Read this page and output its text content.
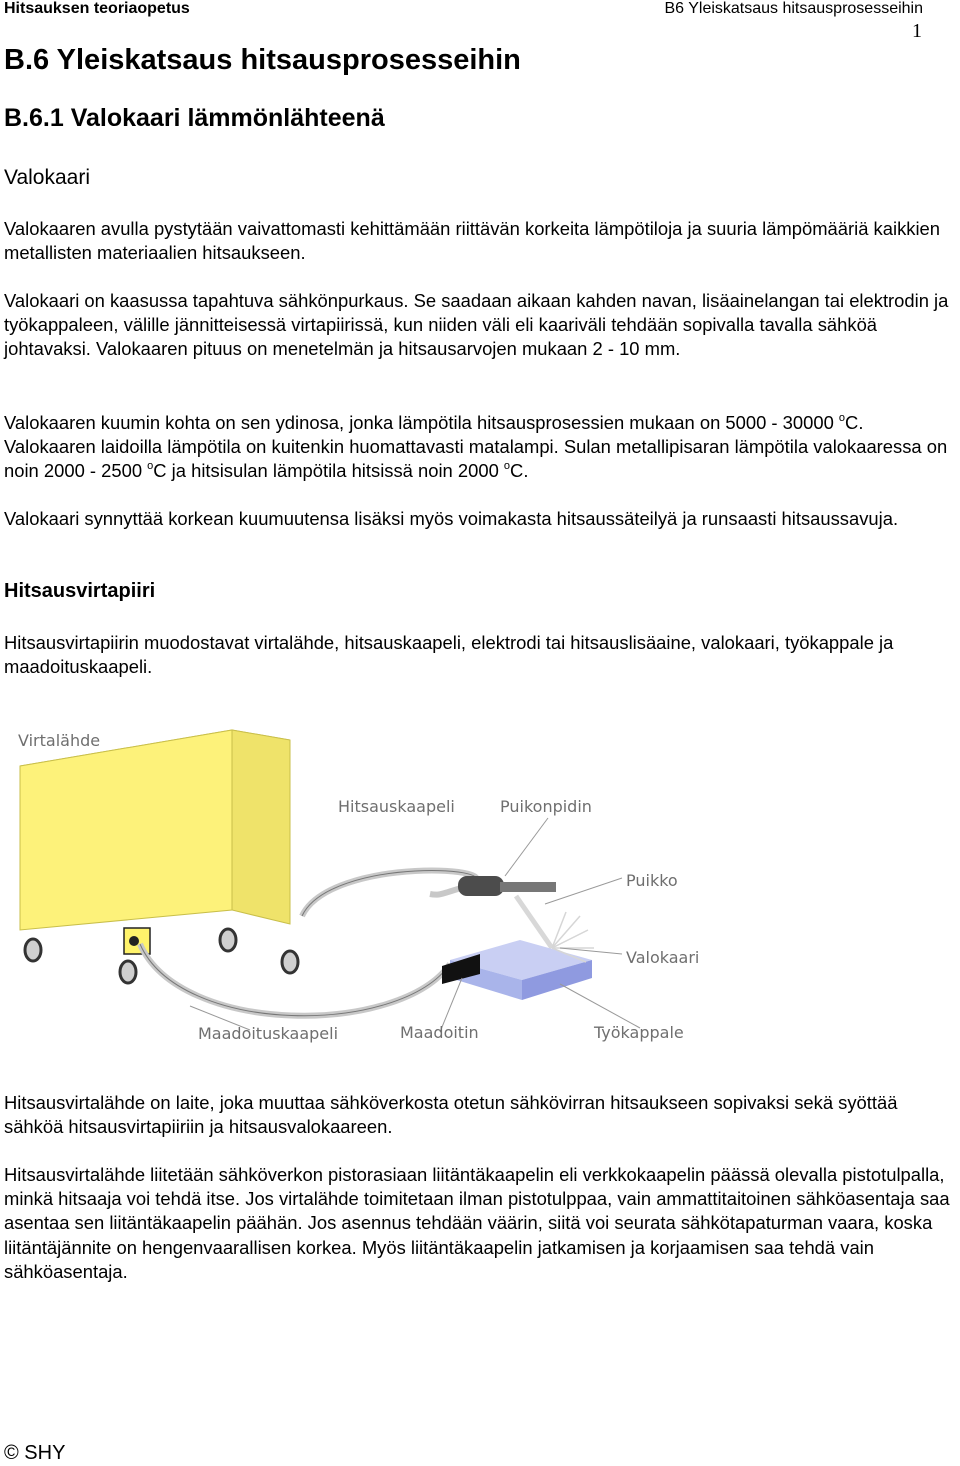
Hitsauksen teoriaopetus	B6 Yleiskatsaus hitsausprosesseihin
1
B.6 Yleiskatsaus hitsausprosesseihin
B.6.1 Valokaari lämmönlähteenä
Valokaari
Valokaaren avulla pystytään vaivattomasti kehittämään riittävän korkeita lämpötiloja ja suuria lämpömääriä kaikkien metallisten materiaalien hitsaukseen.
Valokaari on kaasussa tapahtuva sähkönpurkaus. Se saadaan aikaan kahden navan, lisäainelangan tai elektrodin ja työkappaleen, välille jännitteisessä virtapiirissä, kun niiden väli eli kaariväli tehdään sopivalla tavalla sähköä johtavaksi. Valokaaren pituus on menetelmän ja hitsausarvojen mukaan 2 - 10 mm.
Valokaaren kuumin kohta on sen ydinosa, jonka lämpötila hitsausprosessien mukaan on 5000 - 30000 $^o$C. Valokaaren laidoilla lämpötila on kuitenkin huomattavasti matalampi. Sulan metallipisaran lämpötila valokaaressa on noin 2000 - 2500 $^o$C ja hitsisulan lämpötila hitsissä noin 2000 $^o$C.
Valokaari synnyttää korkean kuumuutensa lisäksi myös voimakasta hitsaussäteilyä ja runsaasti hitsaussavuja.
Hitsausvirtapiiri
Hitsausvirtapiirin muodostavat virtalähde, hitsauskaapeli, elektrodi tai hitsauslisäaine, valokaari, työkappale ja maadoituskaapeli.
Virtalähde
Hitsauskaapeli	Puikonpidin
Puikko
Valokaari
Maadoituskaapeli	Maadoitin	Työkappale
Hitsausvirtalähde on laite, joka muuttaa sähköverkosta otetun sähkövirran hitsaukseen sopivaksi sekä syöttää sähköä hitsausvirtapiiriin ja hitsausvalokaareen.
Hitsausvirtalähde liitetään sähköverkon pistorasiaan liitäntäkaapelin eli verkkokaapelin päässä olevalla pistotulpalla, minkä hitsaaja voi tehdä itse. Jos virtalähde toimitetaan ilman pistotulppaa, vain ammattitaitoinen sähköasentaja saa asentaa sen liitäntäkaapelin päähän. Jos asennus tehdään väärin, siitä voi seurata sähkötapaturman vaara, koska liitäntäjännite on hengenvaarallisen korkea. Myös liitäntäkaapelin jatkamisen ja korjaamisen saa tehdä vain sähköasentaja.
© SHY
